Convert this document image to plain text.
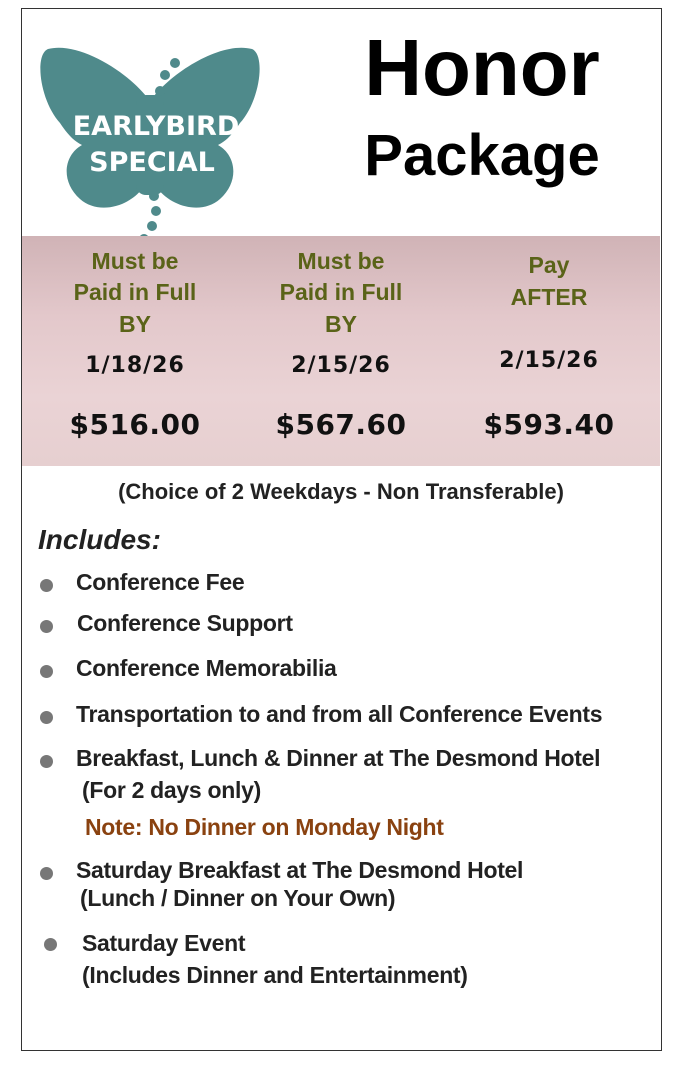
EARLYBIRD
SPECIAL
Honor
Package
Must be
Paid in Full
BY
1/18/26
$516.00
Must be
Paid in Full
BY
2/15/26
$567.60
Pay
AFTER
2/15/26
$593.40
(Choice of 2 Weekdays - Non Transferable)
Includes:
Conference Fee
Conference Support
Conference Memorabilia
Transportation to and from all Conference Events
Breakfast, Lunch & Dinner at The Desmond Hotel
(For 2 days only)
Note: No Dinner on Monday Night
Saturday Breakfast at The Desmond Hotel
(Lunch / Dinner on Your Own)
Saturday Event
(Includes Dinner and Entertainment)
